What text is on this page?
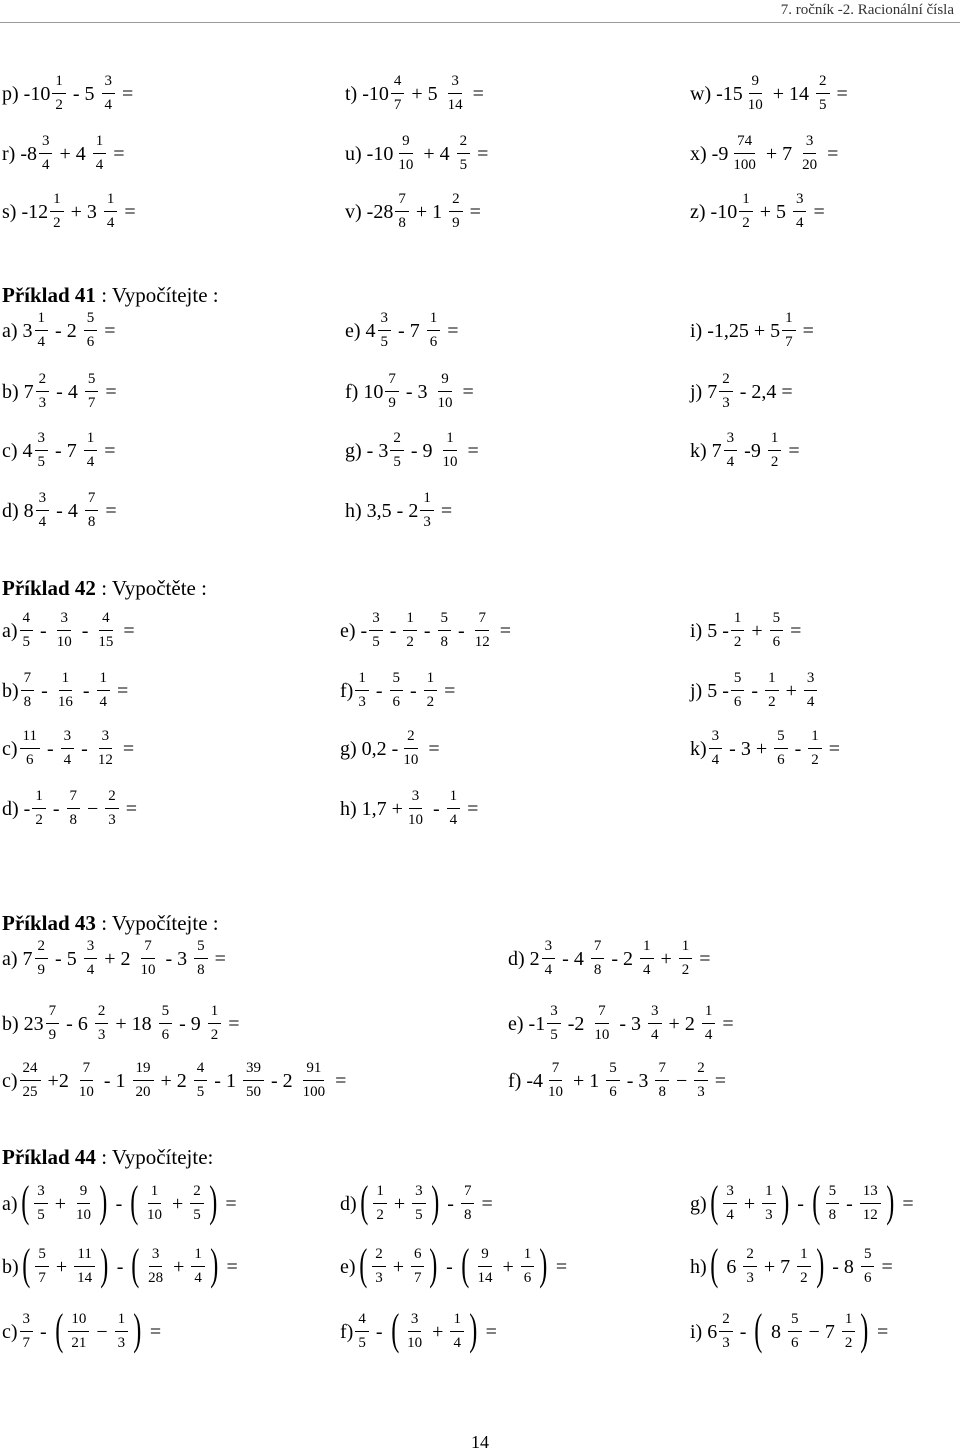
7. ročník -2. Racionální čísla
Příklad 41 : Vypočítejte :
Příklad 42 : Vypočtěte :
Příklad 43 : Vypočítejte :
Příklad 44 : Vypočítejte:
p) $-10 \frac{1}{2} - 5 \frac{3}{4}$ =
r) $-8 \frac{3}{4} + 4 \frac{1}{4}$ =
s) $-12 \frac{1}{2} + 3 \frac{1}{4}$ =
t) $-10 \frac{4}{7} + 5 \frac{3}{14}$ =
u) $-10 \frac{9}{10} + 4 \frac{2}{5}$ =
v) $-28 \frac{7}{8} + 1 \frac{2}{9}$ =
w) $-15 \frac{9}{10} + 14 \frac{2}{5}$ =
x) $-9 \frac{74}{100} + 7 \frac{3}{20}$ =
z) $-10 \frac{1}{2} + 5 \frac{3}{4}$ =
a) $3 \frac{1}{4} - 2 \frac{5}{6}$ =
b) $7 \frac{2}{3} - 4 \frac{5}{7}$ =
c) $4 \frac{3}{5} - 7 \frac{1}{4}$ =
d) $8 \frac{3}{4} - 4 \frac{7}{8}$ =
e) $4 \frac{3}{5} - 7 \frac{1}{6}$ =
f) $10 \frac{7}{9} - 3 \frac{9}{10}$ =
$g) - 3 \frac{2}{5} - 9 \frac{1}{10}$ =
h) $3,5 - 2 \frac{1}{3}$ =
i) $-1,25 + 5 \frac{1}{7}$ =
j) $7 \frac{2}{3} - 2,4$ =
k) $7 \frac{3}{4} -9 \frac{1}{2}$ =
$a) \frac{4}{5} - \frac{3}{10} - \frac{4}{15}$ =
$b) \frac{7}{8} - \frac{1}{16} - \frac{1}{4}$ =
$c) \frac{11}{6} - \frac{3}{4} - \frac{3}{12}$ =
$d) - \frac{1}{2} - \frac{7}{8} - \frac{2}{3}$ =
$e) - \frac{3}{5} - \frac{1}{2} - \frac{5}{8} - \frac{7}{12}$ =
$f) \frac{1}{3} - \frac{5}{6} - \frac{1}{2}$ =
g) $0,2 - \frac{2}{10}$ =
h) $1,7 + \frac{3}{10} - \frac{1}{4}$ =
i) $5 - \frac{1}{2} + \frac{5}{6}$ =
j) $5 - \frac{5}{6} - \frac{1}{2} + \frac{3}{4}$
$k) \frac{3}{4} - 3 + \frac{5}{6} - \frac{1}{2}$ =
a) $7 \frac{2}{9} - 5 \frac{3}{4} + 2 \frac{7}{10} - 3 \frac{5}{8}$ =
b) $23 \frac{7}{9} - 6 \frac{2}{3} + 18 \frac{5}{6} - 9 \frac{1}{2}$ =
$c) \frac{24}{25} +2 \frac{7}{10} - 1 \frac{19}{20} + 2 \frac{4}{5} - 1 \frac{39}{50} - 2 \frac{91}{100}$ =
d) $2 \frac{3}{4} - 4 \frac{7}{8} - 2 \frac{1}{4} + \frac{1}{2}$ =
e) $-1 \frac{3}{5} -2 \frac{7}{10} - 3 \frac{3}{4} + 2 \frac{1}{4}$ =
f) $-4 \frac{7}{10} + 1 \frac{5}{6} - 3 \frac{7}{8} - \frac{2}{3}$ =
$a)( \frac{3}{5} + \frac{9}{10}$ ) - ( $\frac{1}{10} + \frac{2}{5}$ ) =
$b)( \frac{5}{7} + \frac{11}{14}$ ) - ( $\frac{3}{28} + \frac{1}{4}$ ) =
$c) \frac{3}{7}$ - ( $\frac{10}{21} - \frac{1}{3}$ ) =
$d)( \frac{1}{2} + \frac{3}{5}$ ) - $\frac{7}{8}$ =
$e)( \frac{2}{3} + \frac{6}{7}$ ) - ( $\frac{9}{14} + \frac{1}{6}$ ) =
$f) \frac{4}{5}$ - ( $\frac{3}{10} + \frac{1}{4}$ ) =
$g)( \frac{3}{4} + \frac{1}{3}$ ) - ( $\frac{5}{8} - \frac{13}{12}$ ) =
h)( $6 \frac{2}{3} + 7 \frac{1}{2}$ ) - $8 \frac{5}{6}$ =
i) $6 \frac{2}{3}$ - ( $8 \frac{5}{6} - 7 \frac{1}{2}$ ) =
14
